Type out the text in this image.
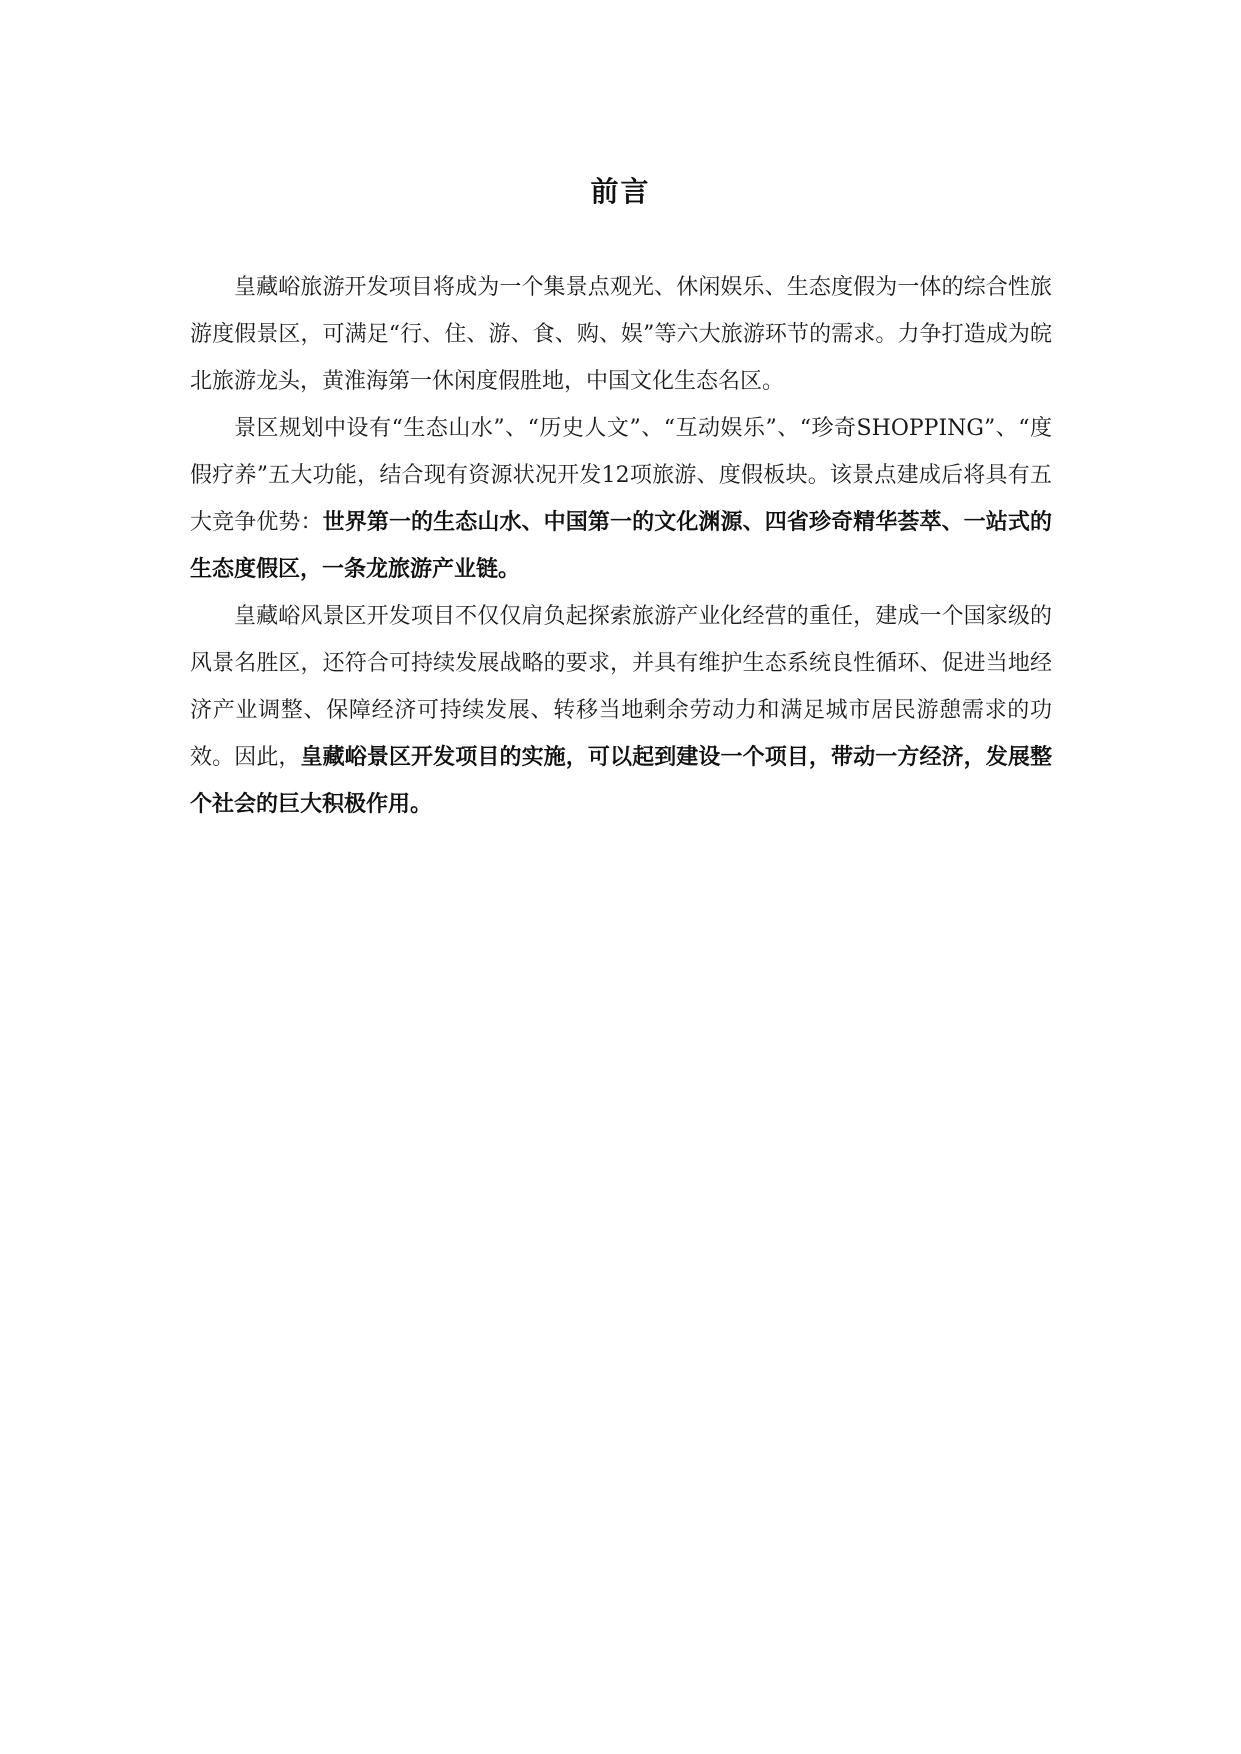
前言

皇藏峪旅游开发项目将成为一个集景点观光、休闲娱乐、生态度假为一体的综合性旅游度假景区，可满足“行、住、游、食、购、娱”等六大旅游环节的需求。力争打造成为皖北旅游龙头，黄淮海第一休闲度假胜地，中国文化生态名区。

景区规划中设有“生态山水”、“历史人文”、“互动娱乐”、“珍奇SHOPPING”、“度假疗养”五大功能，结合现有资源状况开发12项旅游、度假板块。该景点建成后将具有五大竞争优势：世界第一的生态山水、中国第一的文化渊源、四省珍奇精华荟萃、一站式的生态度假区，一条龙旅游产业链。

皇藏峪风景区开发项目不仅仅肩负起探索旅游产业化经营的重任，建成一个国家级的风景名胜区，还符合可持续发展战略的要求，并具有维护生态系统良性循环、促进当地经济产业调整、保障经济可持续发展、转移当地剩余劳动力和满足城市居民游憩需求的功效。因此，皇藏峪景区开发项目的实施，可以起到建设一个项目，带动一方经济，发展整个社会的巨大积极作用。
